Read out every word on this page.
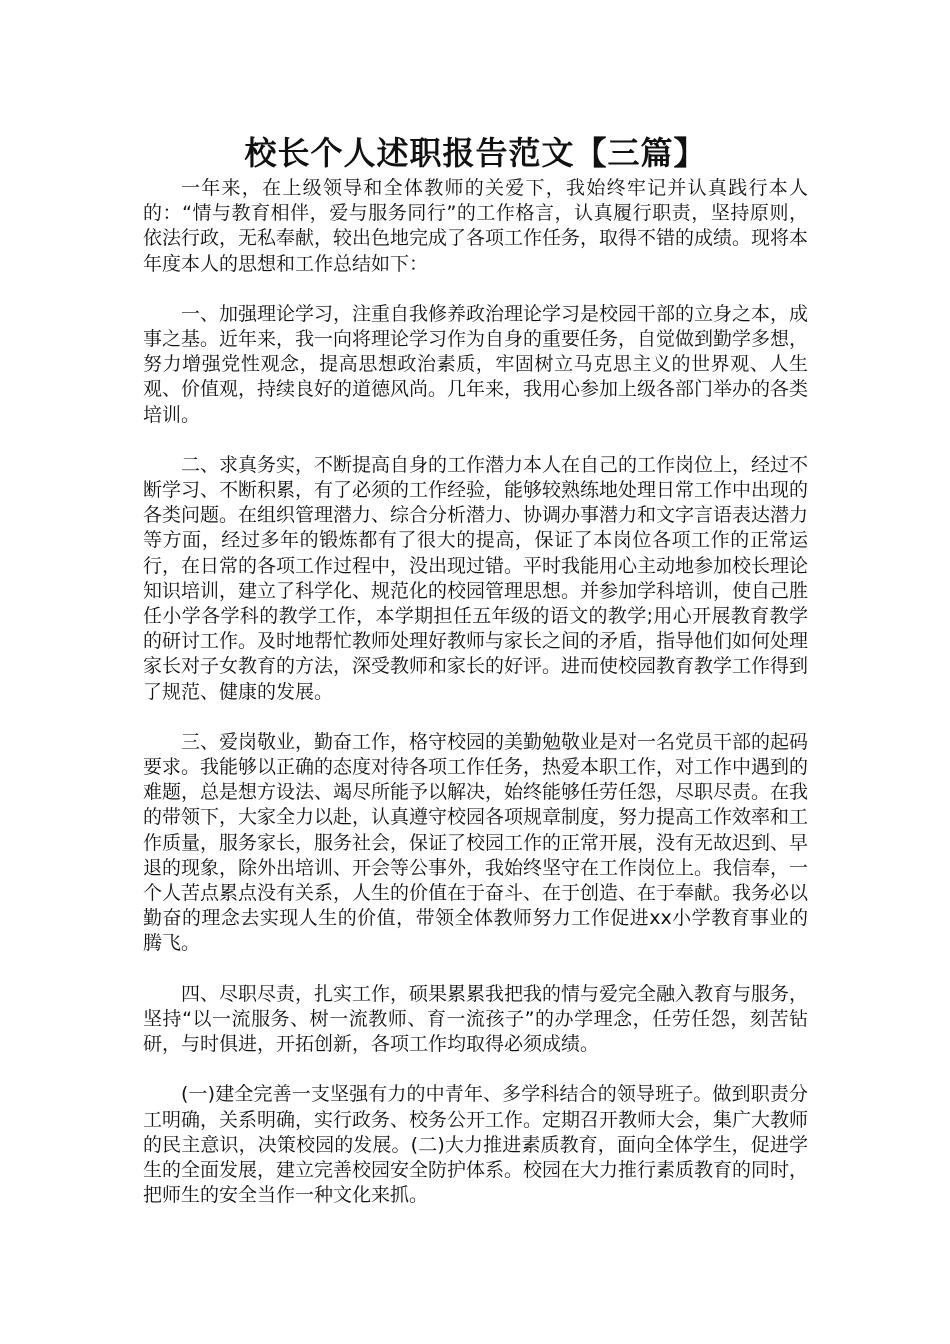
校长个人述职报告范文【三篇】

一年来，在上级领导和全体教师的关爱下，我始终牢记并认真践行本人的：“情与教育相伴，爱与服务同行”的工作格言，认真履行职责，坚持原则，依法行政，无私奉献，较出色地完成了各项工作任务，取得不错的成绩。现将本年度本人的思想和工作总结如下：

一、加强理论学习，注重自我修养政治理论学习是校园干部的立身之本，成事之基。近年来，我一向将理论学习作为自身的重要任务，自觉做到勤学多想，努力增强党性观念，提高思想政治素质，牢固树立马克思主义的世界观、人生观、价值观，持续良好的道德风尚。几年来，我用心参加上级各部门举办的各类培训。

二、求真务实，不断提高自身的工作潜力本人在自己的工作岗位上，经过不断学习、不断积累，有了必须的工作经验，能够较熟练地处理日常工作中出现的各类问题。在组织管理潜力、综合分析潜力、协调办事潜力和文字言语表达潜力等方面，经过多年的锻炼都有了很大的提高，保证了本岗位各项工作的正常运行，在日常的各项工作过程中，没出现过错。平时我能用心主动地参加校长理论知识培训，建立了科学化、规范化的校园管理思想。并参加学科培训，使自己胜任小学各学科的教学工作，本学期担任五年级的语文的教学;用心开展教育教学的研讨工作。及时地帮忙教师处理好教师与家长之间的矛盾，指导他们如何处理家长对子女教育的方法，深受教师和家长的好评。进而使校园教育教学工作得到了规范、健康的发展。

三、爱岗敬业，勤奋工作，格守校园的美勤勉敬业是对一名党员干部的起码要求。我能够以正确的态度对待各项工作任务，热爱本职工作，对工作中遇到的难题，总是想方设法、竭尽所能予以解决，始终能够任劳任怨，尽职尽责。在我的带领下，大家全力以赴，认真遵守校园各项规章制度，努力提高工作效率和工作质量，服务家长，服务社会，保证了校园工作的正常开展，没有无故迟到、早退的现象，除外出培训、开会等公事外，我始终坚守在工作岗位上。我信奉，一个人苦点累点没有关系，人生的价值在于奋斗、在于创造、在于奉献。我务必以勤奋的理念去实现人生的价值，带领全体教师努力工作促进xx小学教育事业的腾飞。

四、尽职尽责，扎实工作，硕果累累我把我的情与爱完全融入教育与服务，坚持“以一流服务、树一流教师、育一流孩子”的办学理念，任劳任怨，刻苦钻研，与时俱进，开拓创新，各项工作均取得必须成绩。

(一)建全完善一支坚强有力的中青年、多学科结合的领导班子。做到职责分工明确，关系明确，实行政务、校务公开工作。定期召开教师大会，集广大教师的民主意识，决策校园的发展。(二)大力推进素质教育，面向全体学生，促进学生的全面发展，建立完善校园安全防护体系。校园在大力推行素质教育的同时，把师生的安全当作一种文化来抓。
